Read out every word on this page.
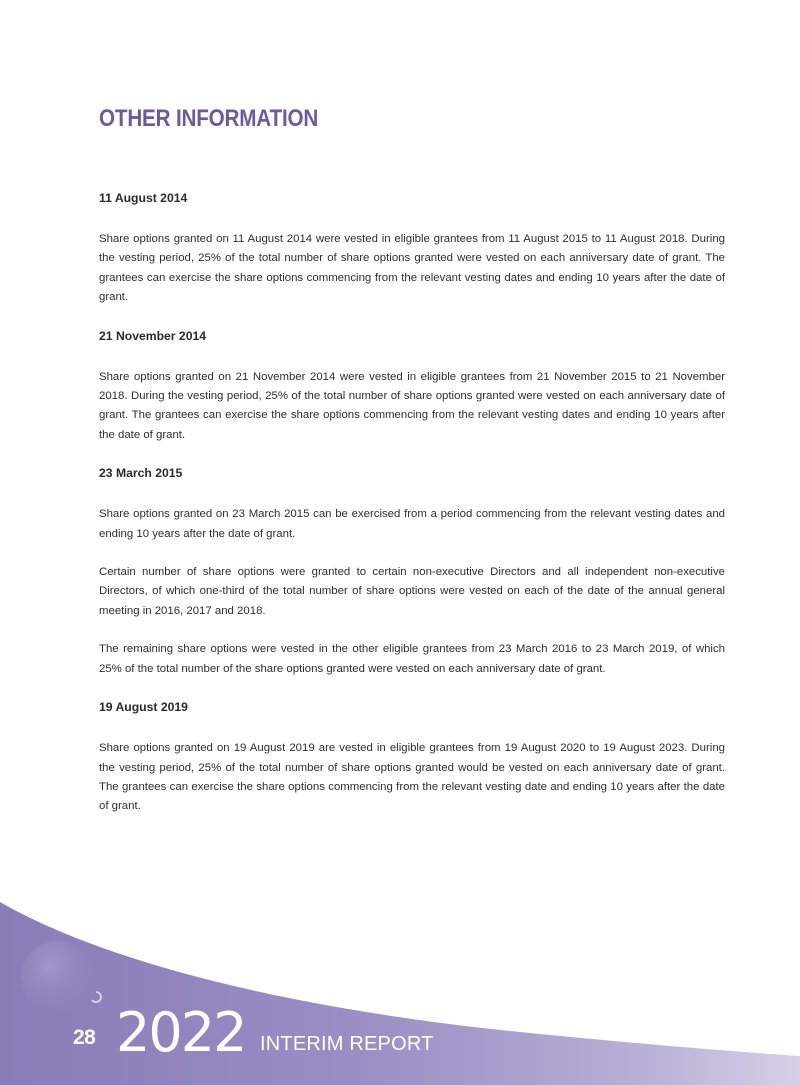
OTHER INFORMATION
11 August 2014

Share options granted on 11 August 2014 were vested in eligible grantees from 11 August 2015 to 11 August 2018. During the vesting period, 25% of the total number of share options granted were vested on each anniversary date of grant. The grantees can exercise the share options commencing from the relevant vesting dates and ending 10 years after the date of grant.

21 November 2014

Share options granted on 21 November 2014 were vested in eligible grantees from 21 November 2015 to 21 November 2018. During the vesting period, 25% of the total number of share options granted were vested on each anniversary date of grant. The grantees can exercise the share options commencing from the relevant vesting dates and ending 10 years after the date of grant.

23 March 2015

Share options granted on 23 March 2015 can be exercised from a period commencing from the relevant vesting dates and ending 10 years after the date of grant.

Certain number of share options were granted to certain non-executive Directors and all independent non-executive Directors, of which one-third of the total number of share options were vested on each of the date of the annual general meeting in 2016, 2017 and 2018.

The remaining share options were vested in the other eligible grantees from 23 March 2016 to 23 March 2019, of which 25% of the total number of the share options granted were vested on each anniversary date of grant.

19 August 2019

Share options granted on 19 August 2019 are vested in eligible grantees from 19 August 2020 to 19 August 2023. During the vesting period, 25% of the total number of share options granted would be vested on each anniversary date of grant. The grantees can exercise the share options commencing from the relevant vesting date and ending 10 years after the date of grant.

28 2022 INTERIM REPORT
